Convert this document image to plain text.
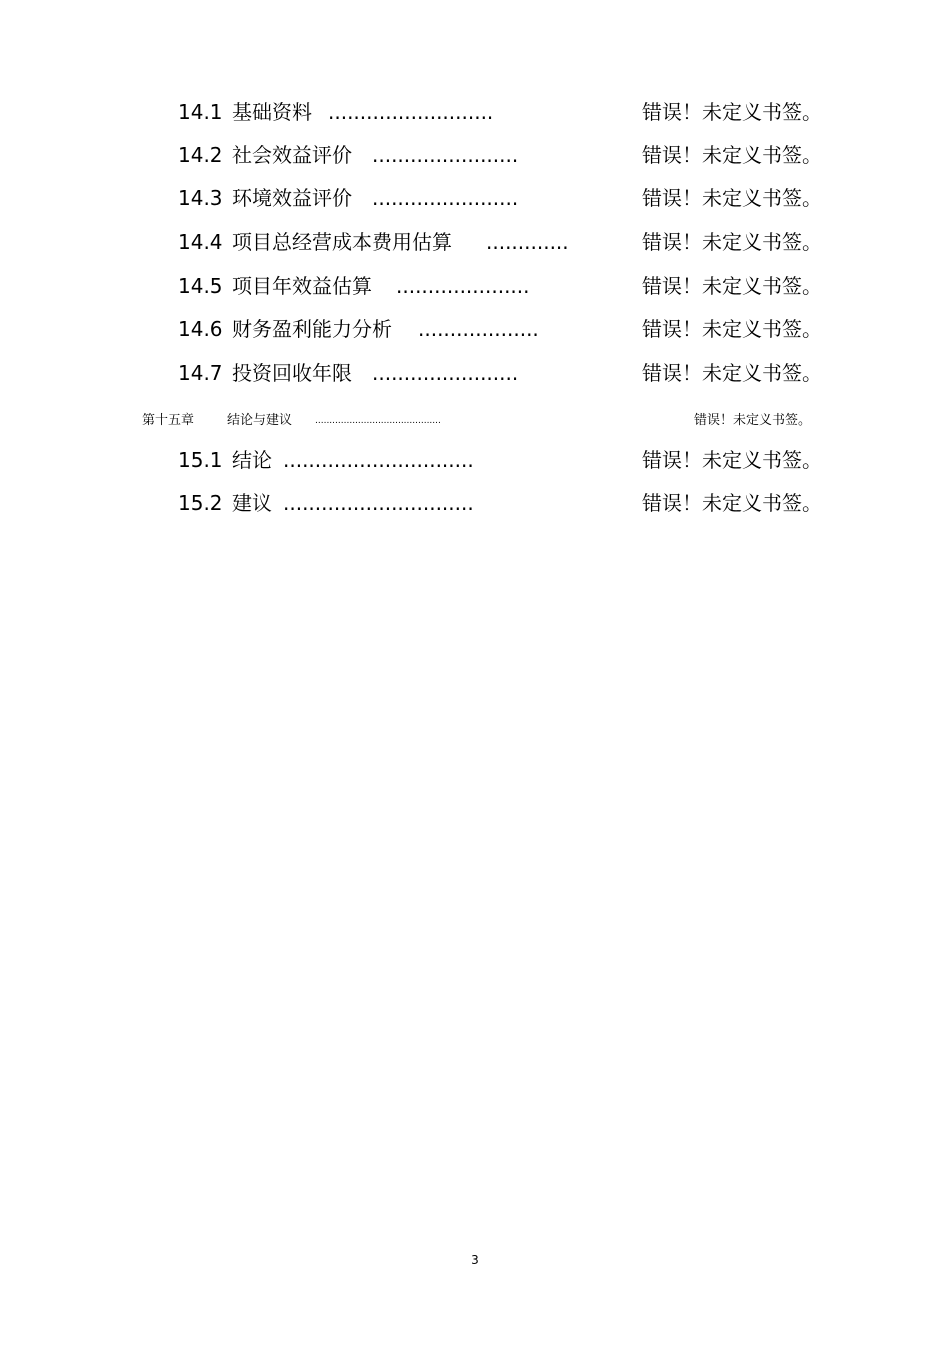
14.1 基础资料 ..........................	错误！未定义书签。
14.2 社会效益评价 .......................	错误！未定义书签。
14.3 环境效益评价 .......................	错误！未定义书签。
14.4 项目总经营成本费用估算 .............	错误！未定义书签。
14.5 项目年效益估算 .....................	错误！未定义书签。
14.6 财务盈利能力分析 ...................	错误！未定义书签。
14.7 投资回收年限 .......................	错误！未定义书签。
第十五章	结论与建议	............................................	错误！未定义书签。
15.1 结论 ..............................	错误！未定义书签。
15.2 建议 ..............................	错误！未定义书签。
3
